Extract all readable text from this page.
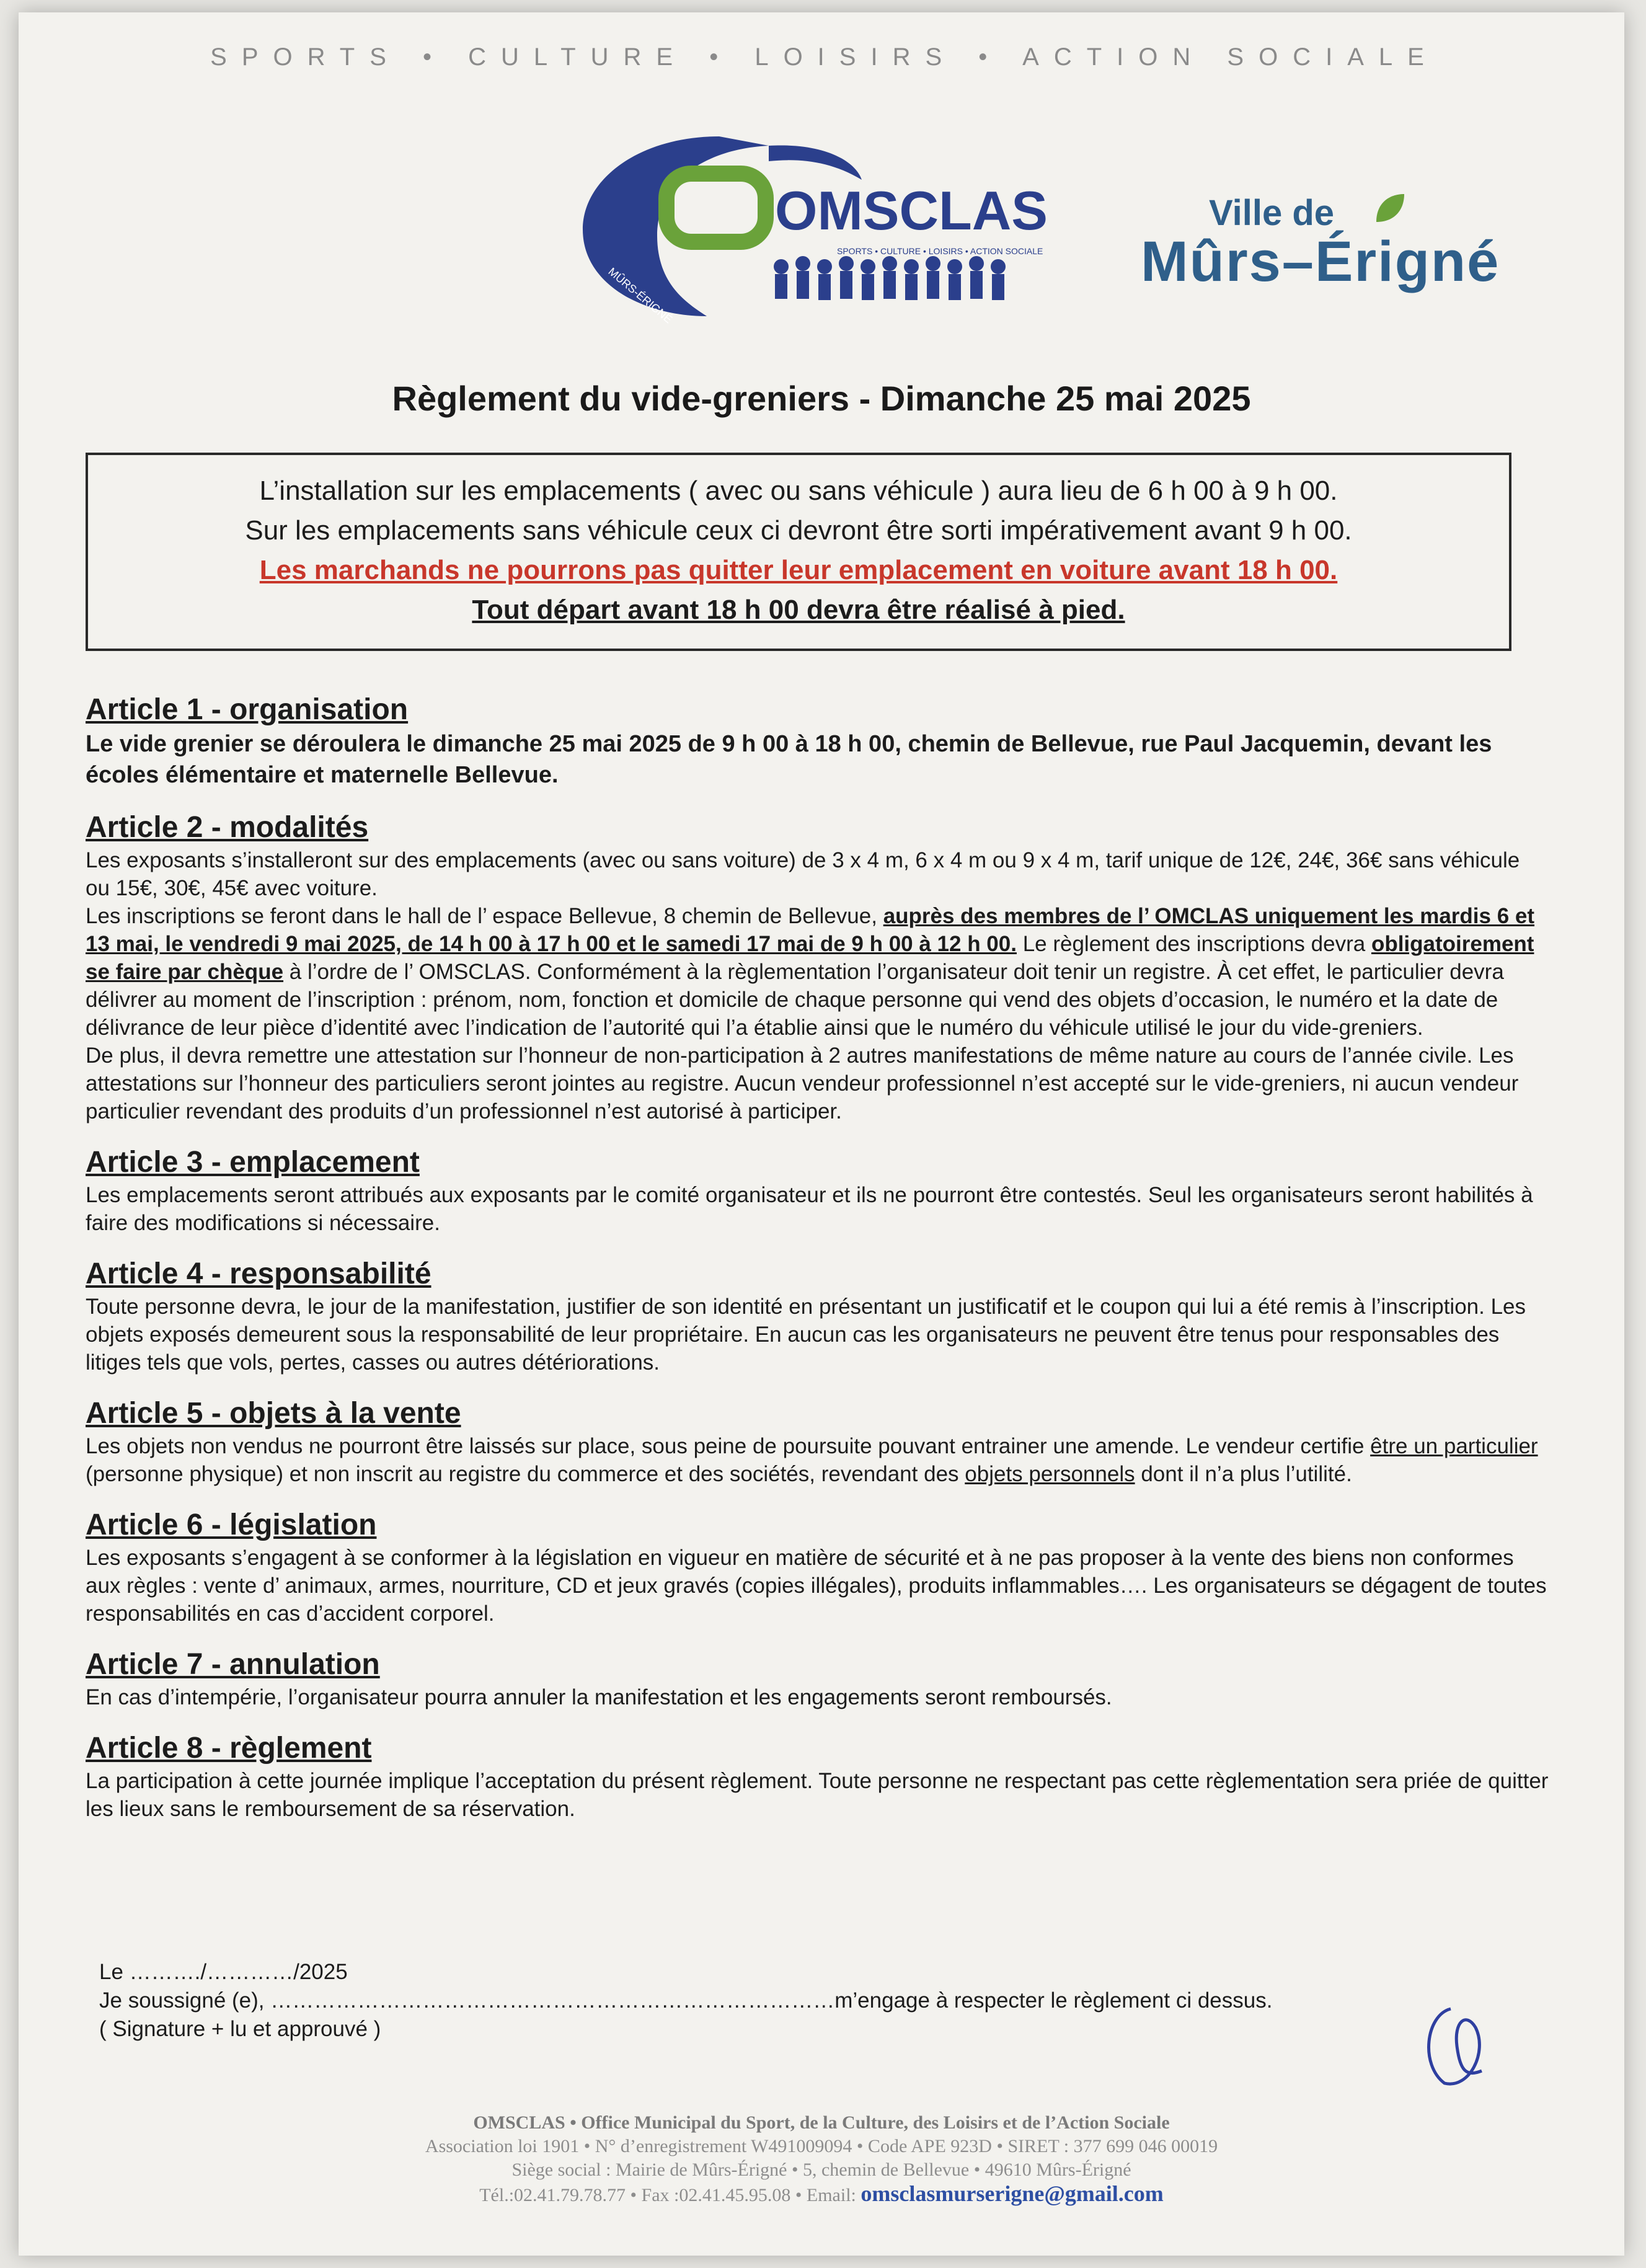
SPORTS • CULTURE • LOISIRS • ACTION SOCIALE
OMSCLAS
SPORTS • CULTURE • LOISIRS • ACTION SOCIALE
MÛRS-ÉRIGNÉ
Ville de
Mûrs–Érigné
Règlement du vide-greniers - Dimanche 25 mai 2025
L’installation sur les emplacements ( avec ou sans véhicule ) aura lieu de 6 h 00 à 9 h 00.
Sur les emplacements sans véhicule ceux ci devront être sorti impérativement avant 9 h 00.
Les marchands ne pourrons pas quitter leur emplacement en voiture avant 18 h 00.
Tout départ avant 18 h 00 devra être réalisé à pied.

Article 1 - organisation

Le vide grenier se déroulera le dimanche 25 mai 2025 de 9 h 00 à 18 h 00, chemin de Bellevue, rue Paul Jacquemin, devant les écoles élémentaire et maternelle Bellevue.

Article 2 - modalités

Les exposants s’installeront sur des emplacements (avec ou sans voiture) de 3 x 4 m, 6 x 4 m ou 9 x 4 m, tarif unique de 12€, 24€, 36€ sans véhicule ou 15€, 30€, 45€ avec voiture.

Les inscriptions se feront dans le hall de l’ espace Bellevue, 8 chemin de Bellevue, auprès des membres de l’ OMCLAS uniquement les mardis 6 et 13 mai, le vendredi 9 mai 2025, de 14 h 00 à 17 h 00 et le samedi 17 mai de 9 h 00 à 12 h 00. Le règlement des inscriptions devra obligatoirement se faire par chèque à l’ordre de l’ OMSCLAS. Conformément à la règlementation l’organisateur doit tenir un registre. À cet effet, le particulier devra délivrer au moment de l’inscription : prénom, nom, fonction et domicile de chaque personne qui vend des objets d’occasion, le numéro et la date de délivrance de leur pièce d’identité avec l’indication de l’autorité qui l’a établie ainsi que le numéro du véhicule utilisé le jour du vide-greniers.

De plus, il devra remettre une attestation sur l’honneur de non-participation à 2 autres manifestations de même nature au cours de l’année civile. Les attestations sur l’honneur des particuliers seront jointes au registre. Aucun vendeur professionnel n’est accepté sur le vide-greniers, ni aucun vendeur particulier revendant des produits d’un professionnel n’est autorisé à participer.

Article 3 - emplacement

Les emplacements seront attribués aux exposants par le comité organisateur et ils ne pourront être contestés. Seul les organisateurs seront habilités à faire des modifications si nécessaire.

Article 4 - responsabilité

Toute personne devra, le jour de la manifestation, justifier de son identité en présentant un justificatif et le coupon qui lui a été remis à l’inscription. Les objets exposés demeurent sous la responsabilité de leur propriétaire. En aucun cas les organisateurs ne peuvent être tenus pour responsables des litiges tels que vols, pertes, casses ou autres détériorations.

Article 5 - objets à la vente

Les objets non vendus ne pourront être laissés sur place, sous peine de poursuite pouvant entrainer une amende. Le vendeur certifie être un particulier (personne physique) et non inscrit au registre du commerce et des sociétés, revendant des objets personnels dont il n’a plus l’utilité.

Article 6 - législation

Les exposants s’engagent à se conformer à la législation en vigueur en matière de sécurité et à ne pas proposer à la vente des biens non conformes aux règles : vente d’ animaux, armes, nourriture, CD et jeux gravés (copies illégales), produits inflammables…. Les organisateurs se dégagent de toutes responsabilités en cas d’accident corporel.

Article 7 - annulation

En cas d’intempérie, l’organisateur pourra annuler la manifestation et les engagements seront remboursés.

Article 8 - règlement

La participation à cette journée implique l’acceptation du présent règlement. Toute personne ne respectant pas cette règlementation sera priée de quitter les lieux sans le remboursement de sa réservation.

Le ………./…………/2025
Je soussigné (e), ……………………………………………………………………m’engage à respecter le règlement ci dessus.
( Signature + lu et approuvé )
OMSCLAS • Office Municipal du Sport, de la Culture, des Loisirs et de l’Action Sociale
Association loi 1901 • N° d’enregistrement W491009094 • Code APE 923D • SIRET : 377 699 046 00019
Siège social : Mairie de Mûrs-Érigné • 5, chemin de Bellevue • 49610 Mûrs-Érigné
Tél.:02.41.79.78.77 • Fax :02.41.45.95.08 • Email: omsclasmurserigne@gmail.com
